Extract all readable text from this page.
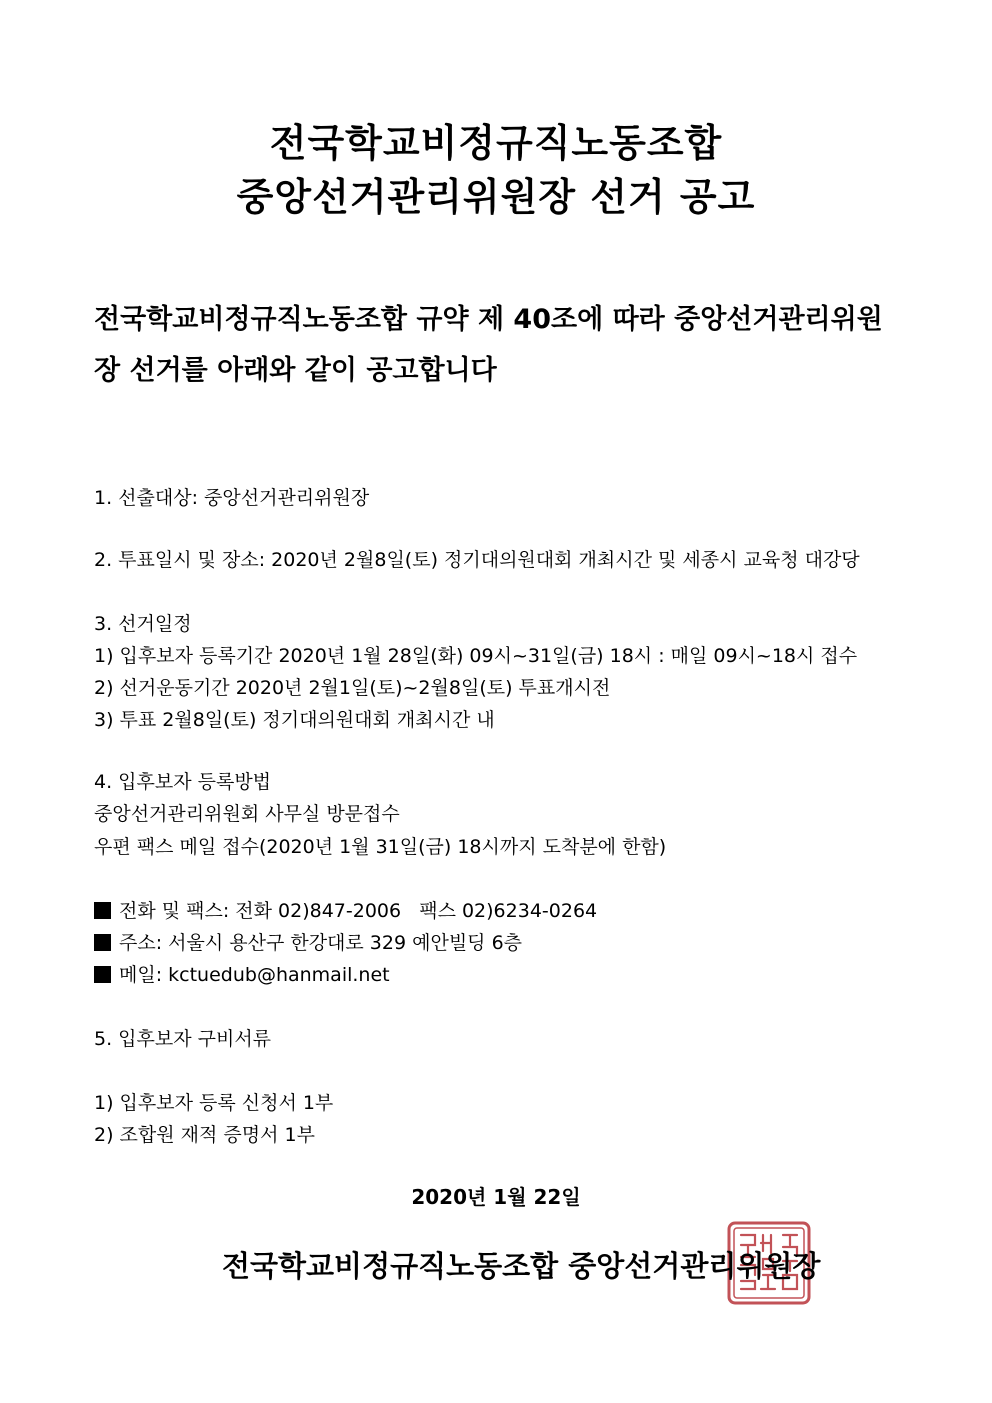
전국학교비정규직노동조합
중앙선거관리위원장 선거 공고
전국학교비정규직노동조합 규약 제 40조에 따라 중앙선거관리위원
장 선거를 아래와 같이 공고합니다
1. 선출대상: 중앙선거관리위원장
2. 투표일시 및 장소: 2020년 2월8일(토) 정기대의원대회 개최시간 및 세종시 교육청 대강당
3. 선거일정
1) 입후보자 등록기간 2020년 1월 28일(화) 09시~31일(금) 18시 : 매일 09시~18시 접수
2) 선거운동기간 2020년 2월1일(토)~2월8일(토) 투표개시전
3) 투표 2월8일(토) 정기대의원대회 개최시간 내
4. 입후보자 등록방법
중앙선거관리위원회 사무실 방문접수
우편 팩스 메일 접수(2020년 1월 31일(금) 18시까지 도착분에 한함)
전화 및 팩스: 전화 02)847-2006   팩스 02)6234-0264
주소: 서울시 용산구 한강대로 329 예안빌딩 6층
메일: kctuedub@hanmail.net
5. 입후보자 구비서류
1) 입후보자 등록 신청서 1부
2) 조합원 재적 증명서 1부
2020년 1월 22일
전국학교비정규직노동조합 중앙선거관리위원장
